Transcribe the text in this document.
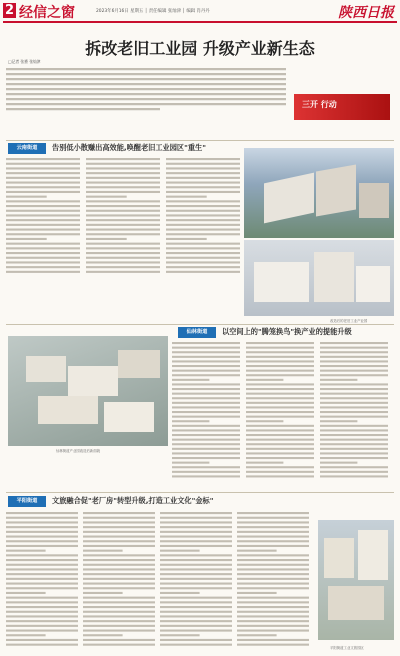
2 经信之窗	2023年6月16日 星期五 │ 责任编辑 张灿津 │ 编辑 肖丹丹	陕西日报
拆改老旧工业园 升级产业新生态
□记者 张赟 张灿津
三开 行动
云南街道	告别低小散赚出高效能,唤醒老旧工业园区"重生"
改造后的老旧工业产业园
仙林街道	以空间上的"腾笼换鸟"换产业的提能升级
仙林街道产业园改造后新面貌
平阳街道	文旅融合促"老厂房"转型升级,打造工业文化"金标"
平阳街道工业文旅园区
